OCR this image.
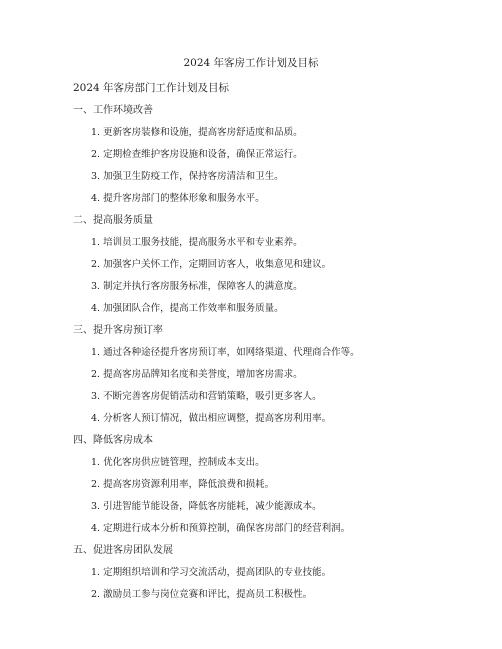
2024 年客房工作计划及目标
2024 年客房部门工作计划及目标
一、工作环境改善
1. 更新客房装修和设施，提高客房舒适度和品质。
2. 定期检查维护客房设施和设备，确保正常运行。
3. 加强卫生防疫工作，保持客房清洁和卫生。
4. 提升客房部门的整体形象和服务水平。
二、提高服务质量
1. 培训员工服务技能，提高服务水平和专业素养。
2. 加强客户关怀工作，定期回访客人，收集意见和建议。
3. 制定并执行客房服务标准，保障客人的满意度。
4. 加强团队合作，提高工作效率和服务质量。
三、提升客房预订率
1. 通过各种途径提升客房预订率，如网络渠道、代理商合作等。
2. 提高客房品牌知名度和美誉度，增加客房需求。
3. 不断完善客房促销活动和营销策略，吸引更多客人。
4. 分析客人预订情况，做出相应调整，提高客房利用率。
四、降低客房成本
1. 优化客房供应链管理，控制成本支出。
2. 提高客房资源利用率，降低浪费和损耗。
3. 引进智能节能设备，降低客房能耗，减少能源成本。
4. 定期进行成本分析和预算控制，确保客房部门的经营利润。
五、促进客房团队发展
1. 定期组织培训和学习交流活动，提高团队的专业技能。
2. 激励员工参与岗位竞赛和评比，提高员工积极性。
